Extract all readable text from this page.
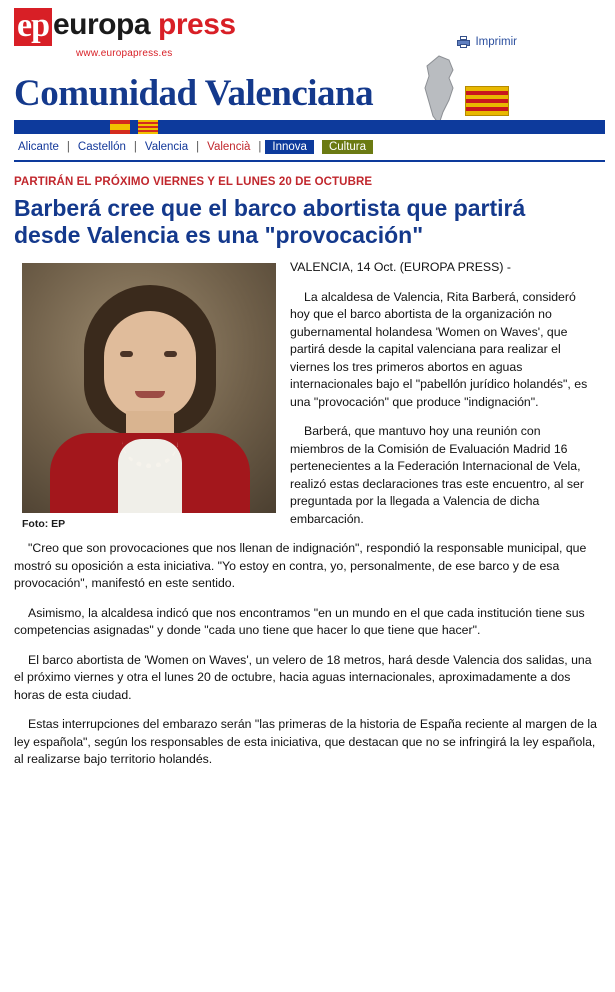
ep europa press
www.europapress.es
Imprimir
Comunidad Valenciana
Alicante | Castellón | Valencia | Valencià | Innova	Cultura
PARTIRÁN EL PRÓXIMO VIERNES Y EL LUNES 20 DE OCTUBRE
Barberá cree que el barco abortista que partirá desde Valencia es una "provocación"
Foto: EP

VALENCIA, 14 Oct. (EUROPA PRESS) -

La alcaldesa de Valencia, Rita Barberá, consideró hoy que el barco abortista de la organización no gubernamental holandesa 'Women on Waves', que partirá desde la capital valenciana para realizar el viernes los tres primeros abortos en aguas internacionales bajo el "pabellón jurídico holandés", es una "provocación" que produce "indignación".

Barberá, que mantuvo hoy una reunión con miembros de la Comisión de Evaluación Madrid 16 pertenecientes a la Federación Internacional de Vela, realizó estas declaraciones tras este encuentro, al ser preguntada por la llegada a Valencia de dicha embarcación.

"Creo que son provocaciones que nos llenan de indignación", respondió la responsable municipal, que mostró su oposición a esta iniciativa. "Yo estoy en contra, yo, personalmente, de ese barco y de esa provocación", manifestó en este sentido.

Asimismo, la alcaldesa indicó que nos encontramos "en un mundo en el que cada institución tiene sus competencias asignadas" y donde "cada uno tiene que hacer lo que tiene que hacer".

El barco abortista de 'Women on Waves', un velero de 18 metros, hará desde Valencia dos salidas, una el próximo viernes y otra el lunes 20 de octubre, hacia aguas internacionales, aproximadamente a dos horas de esta ciudad.

Estas interrupciones del embarazo serán "las primeras de la historia de España reciente al margen de la ley española", según los responsables de esta iniciativa, que destacan que no se infringirá la ley española, al realizarse bajo territorio holandés.
